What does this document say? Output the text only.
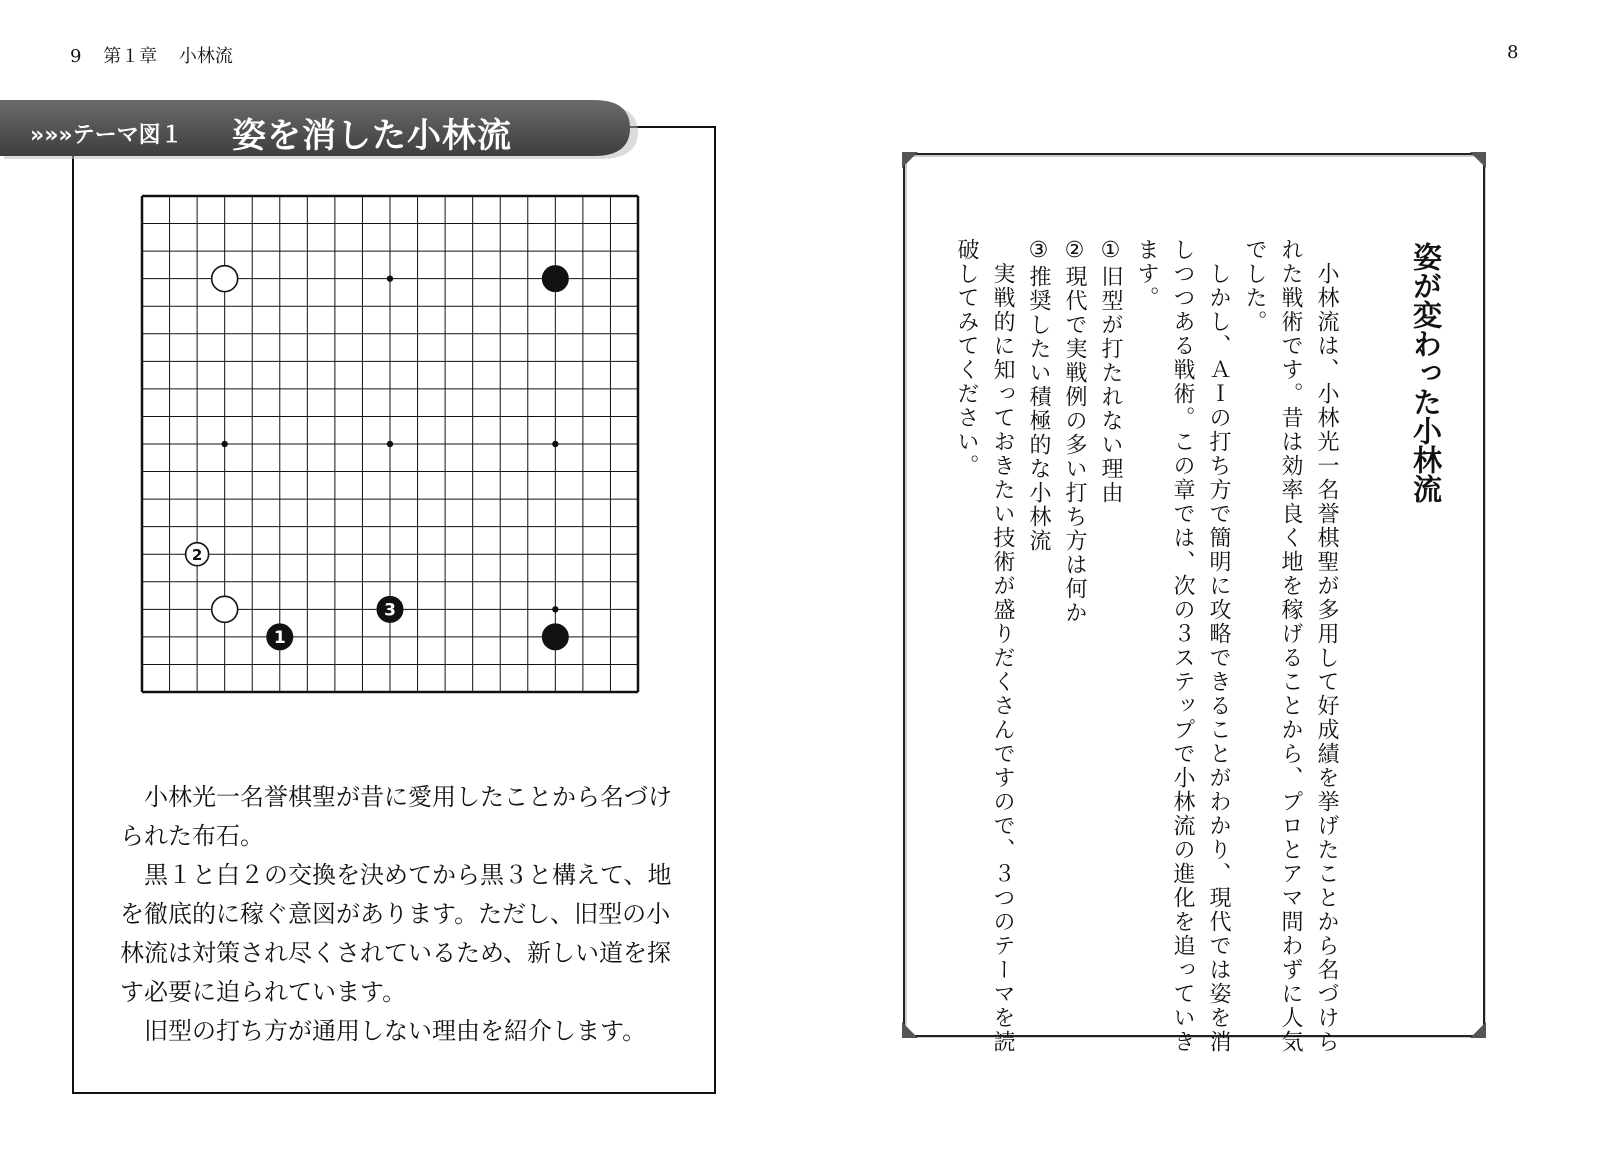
9 第１章 小林流	8
»»»テーマ図１ 姿を消した小林流
2
3
1

　小林光一名誉棋聖が昔に愛用したことから名づけられた布石。

　黒１と白２の交換を決めてから黒３と構えて、地を徹底的に稼ぐ意図があります。ただし、旧型の小林流は対策され尽くされているため、新しい道を探す必要に迫られています。

　旧型の打ち方が通用しない理由を紹介します。

姿が変わった小林流

　小林流は、小林光一名誉棋聖が多用して好成績を挙げたことから名づけられた戦術です。昔は効率良く地を稼げることから、プロとアマ問わずに人気でした。

　しかし、ＡＩの打ち方で簡明に攻略できることがわかり、現代では姿を消しつつある戦術。この章では、次の３ステップで小林流の進化を追っていきます。

①旧型が打たれない理由
②現代で実戦例の多い打ち方は何か
③推奨したい積極的な小林流

　実戦的に知っておきたい技術が盛りだくさんですので、３つのテーマを読破してみてください。
